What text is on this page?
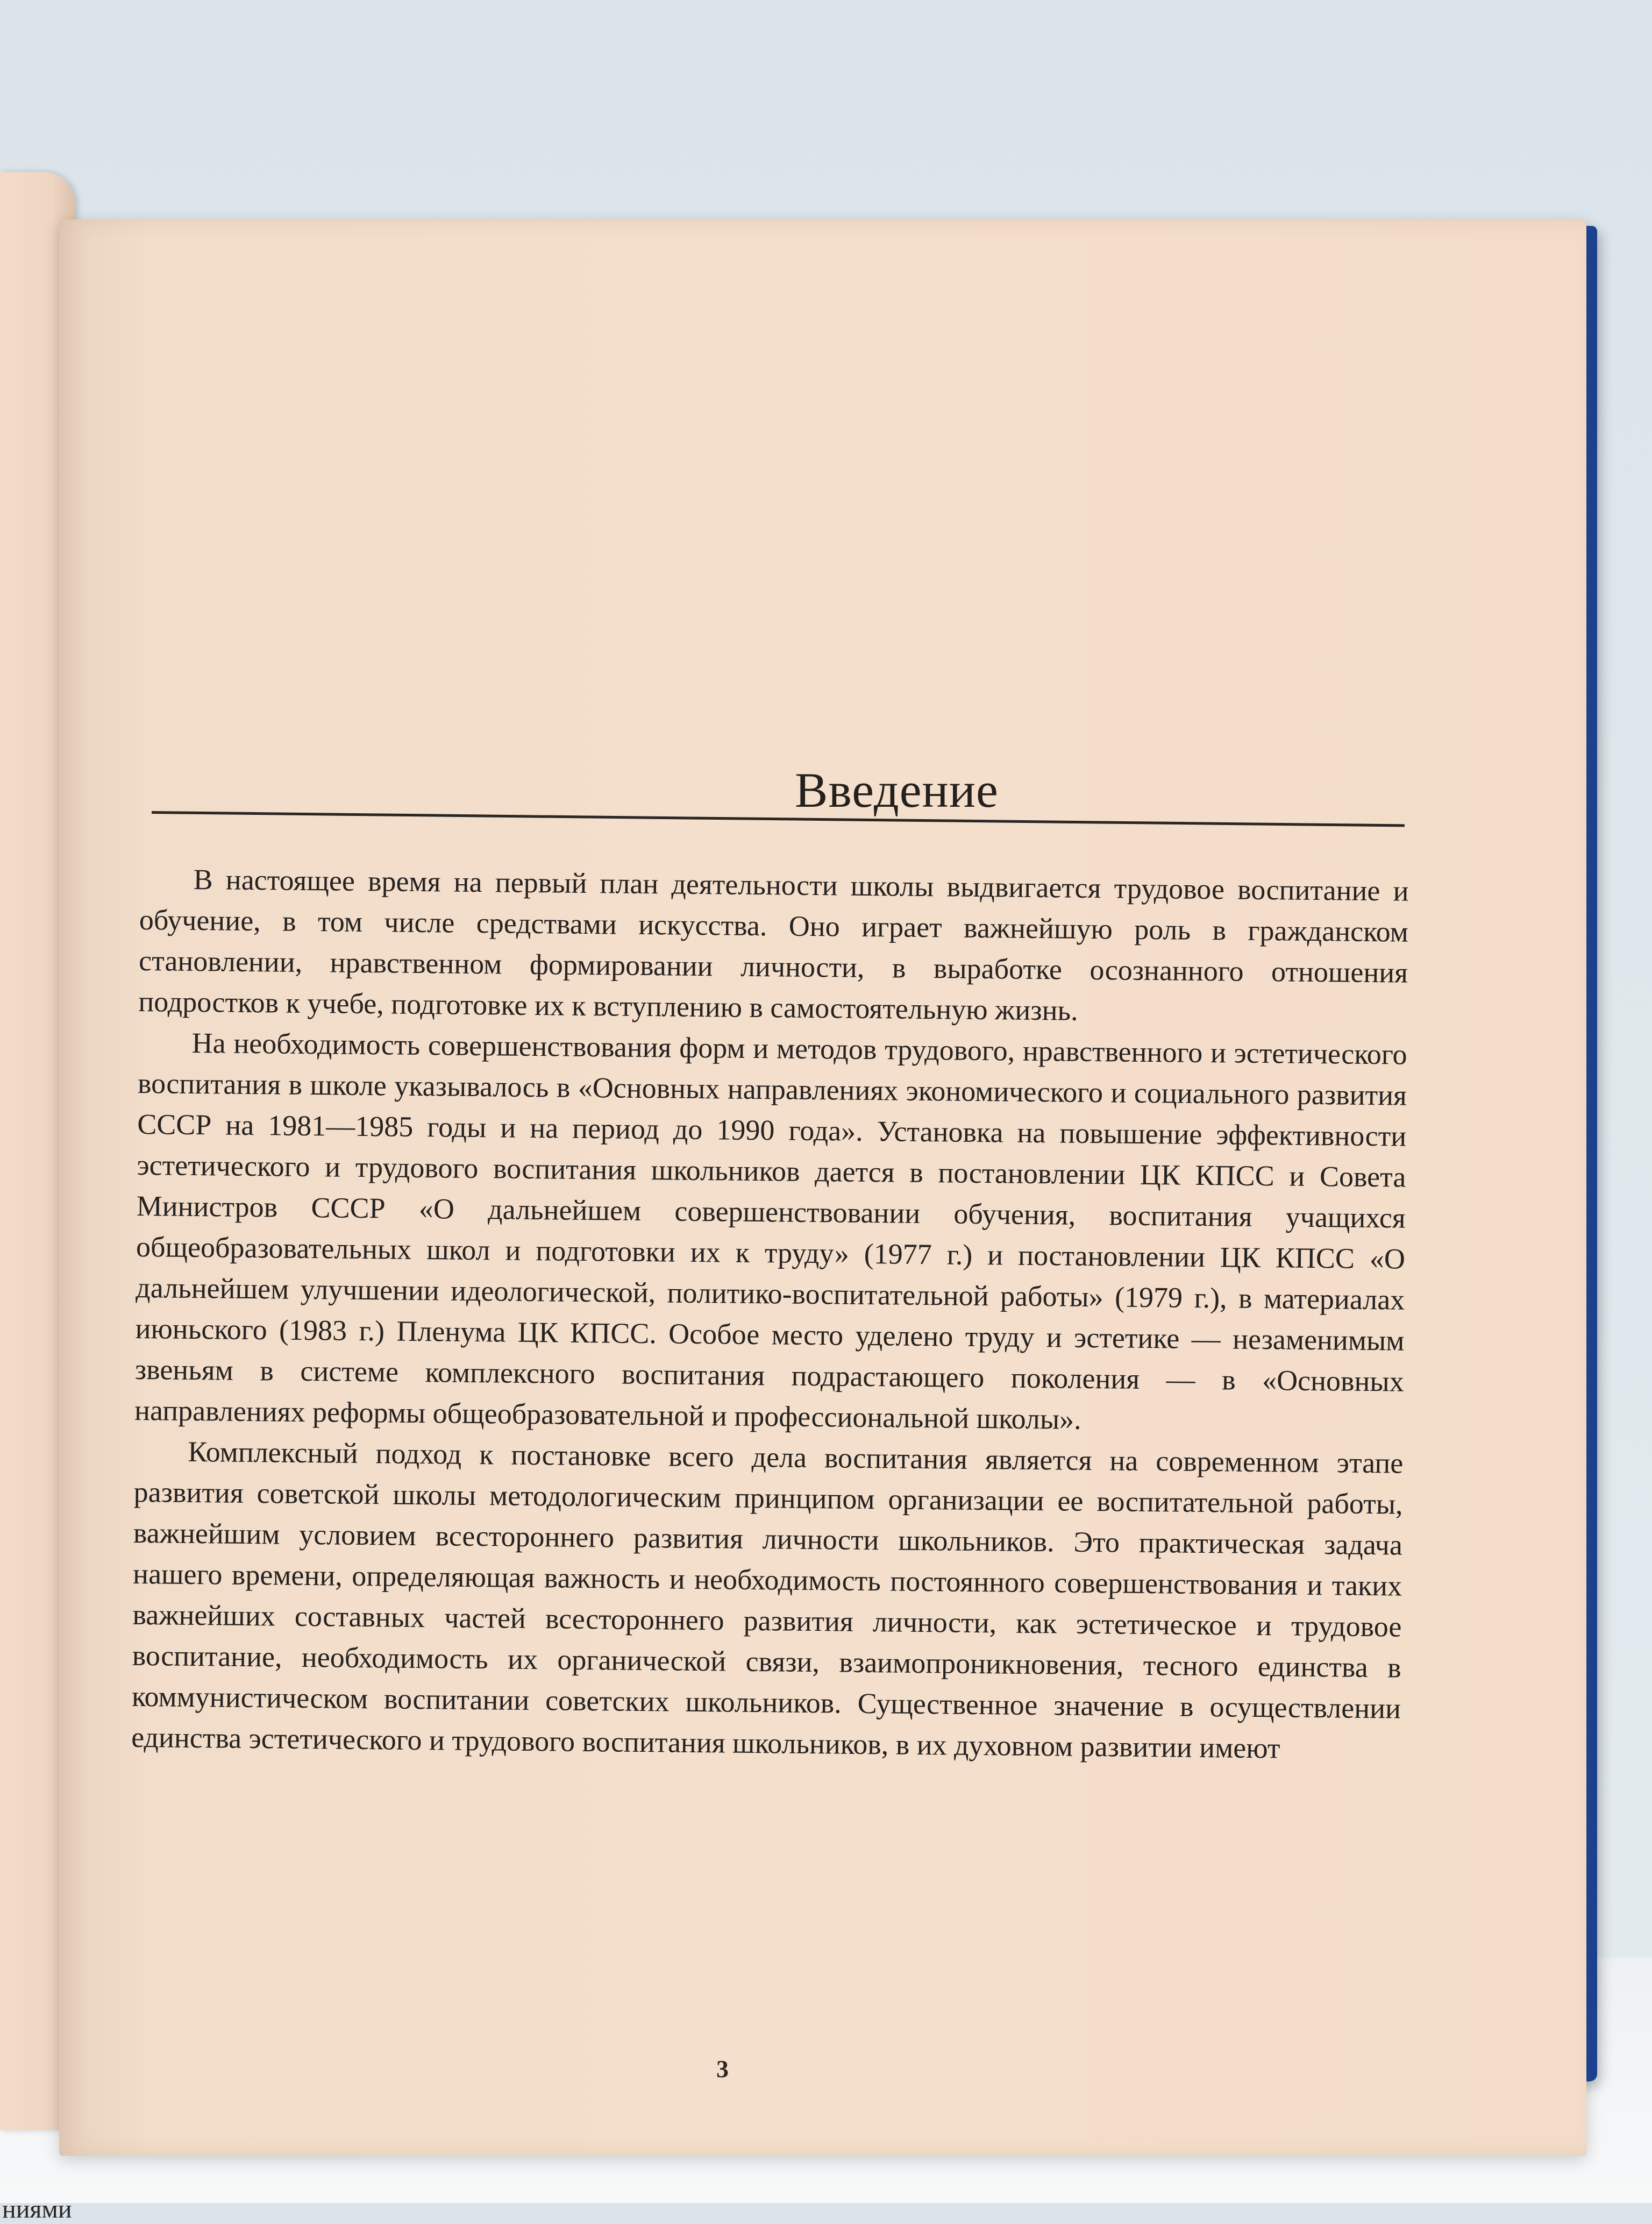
ниями
Введение

В настоящее время на первый план деятельности школы выдвигается трудовое воспитание и обучение, в том числе средствами искусства. Оно играет важнейшую роль в гражданском становлении, нравственном формировании личности, в выработке осознанного отношения подростков к учебе, подготовке их к вступлению в самостоятельную жизнь.

На необходимость совершенствования форм и методов трудового, нравственного и эстетического воспитания в школе указывалось в «Основных направлениях экономического и социального развития СССР на 1981—1985 годы и на период до 1990 года». Установка на повышение эффективности эстетического и трудового воспитания школьников дается в постановлении ЦК КПСС и Совета Министров СССР «О дальнейшем совершенствовании обучения, воспитания учащихся общеобразовательных школ и подготовки их к труду» (1977 г.) и постановлении ЦК КПСС «О дальнейшем улучшении идеологической, политико-воспитательной работы» (1979 г.), в материалах июньского (1983 г.) Пленума ЦК КПСС. Особое место уделено труду и эстетике — незаменимым звеньям в системе комплексного воспитания подрастающего поколения — в «Основных направлениях реформы общеобразовательной и профессиональной школы».

Комплексный подход к постановке всего дела воспитания является на современном этапе развития советской школы методологическим принципом организации ее воспитательной работы, важнейшим условием всестороннего развития личности школьников. Это практическая задача нашего времени, определяющая важность и необходимость постоянного совершенствования и таких важнейших составных частей всестороннего развития личности, как эстетическое и трудовое воспитание, необходимость их органической связи, взаимопроникновения, тесного единства в коммунистическом воспитании советских школьников. Существенное значение в осуществлении единства эстетического и трудового воспитания школьников, в их духовном развитии имеют

3
